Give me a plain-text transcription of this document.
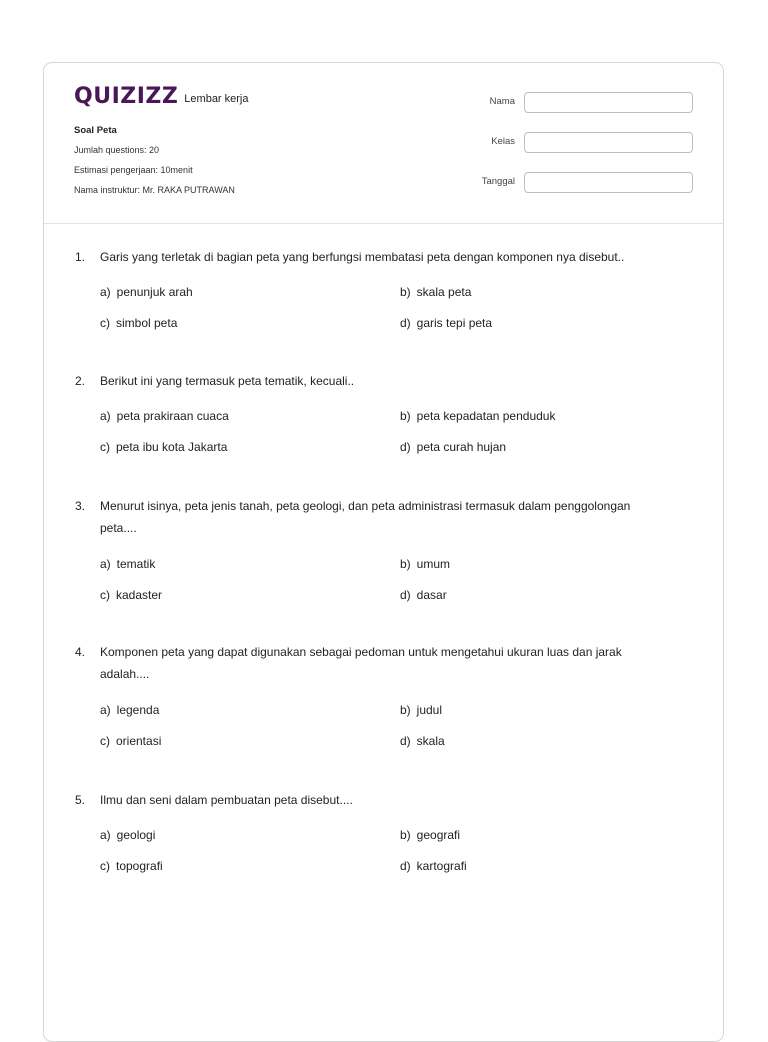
QUIZIZZ Lembar kerja
Soal Peta
Jumlah questions: 20
Estimasi pengerjaan: 10menit
Nama instruktur: Mr. RAKA PUTRAWAN
Nama
Kelas
Tanggal
1.	Garis yang terletak di bagian peta yang berfungsi membatasi peta dengan komponen nya disebut..
a) penunjuk arah	b) skala peta
c) simbol peta	d) garis tepi peta
2.	Berikut ini yang termasuk peta tematik, kecuali..
a) peta prakiraan cuaca	b) peta kepadatan penduduk
c) peta ibu kota Jakarta	d) peta curah hujan
3.	Menurut isinya, peta jenis tanah, peta geologi, dan peta administrasi termasuk dalam penggolongan peta....
a) tematik	b) umum
c) kadaster	d) dasar
4.	Komponen peta yang dapat digunakan sebagai pedoman untuk mengetahui ukuran luas dan jarak adalah....
a) legenda	b) judul
c) orientasi	d) skala
5.	Ilmu dan seni dalam pembuatan peta disebut....
a) geologi	b) geografi
c) topografi	d) kartografi
